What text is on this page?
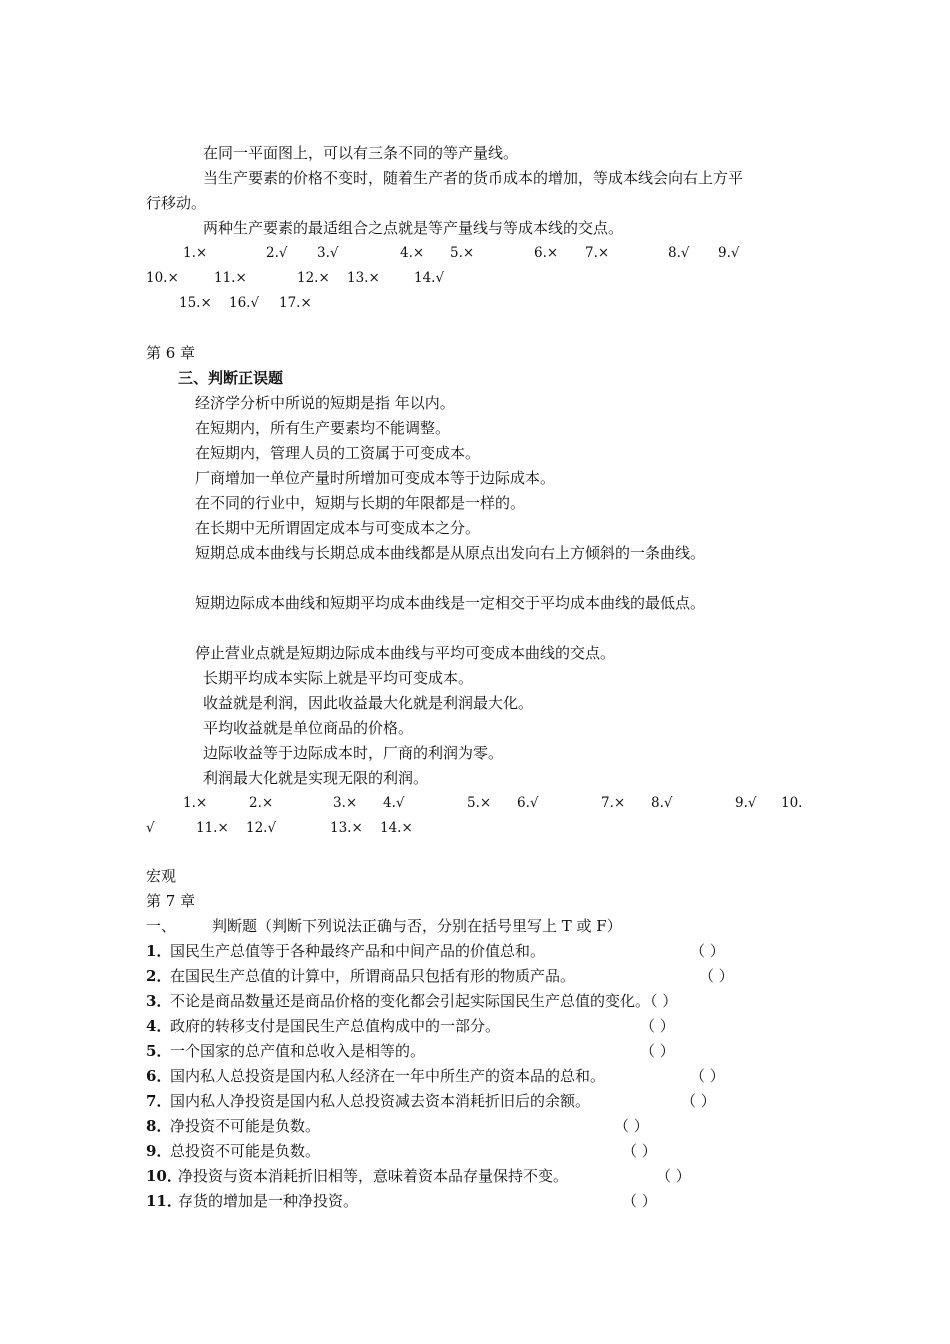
在同一平面图上，可以有三条不同的等产量线。
当生产要素的价格不变时，随着生产者的货币成本的增加，等成本线会向右上方平
行移动。
两种生产要素的最适组合之点就是等产量线与等成本线的交点。
1.×	2.√ 3.√	4.× 5.×	6.× 7.×	8.√ 9.√
10.×	11.×	12.× 13.×	14.√
15.× 16.√ 17.×
第 6 章
三、判断正误题
经济学分析中所说的短期是指 年以内。
在短期内，所有生产要素均不能调整。
在短期内，管理人员的工资属于可变成本。
厂商增加一单位产量时所增加可变成本等于边际成本。
在不同的行业中，短期与长期的年限都是一样的。
在长期中无所谓固定成本与可变成本之分。
短期总成本曲线与长期总成本曲线都是从原点出发向右上方倾斜的一条曲线。
短期边际成本曲线和短期平均成本曲线是一定相交于平均成本曲线的最低点。
停止营业点就是短期边际成本曲线与平均可变成本曲线的交点。
长期平均成本实际上就是平均可变成本。
收益就是利润，因此收益最大化就是利润最大化。
平均收益就是单位商品的价格。
边际收益等于边际成本时，厂商的利润为零。
利润最大化就是实现无限的利润。
1.×	2.×	3.× 4.√	5.× 6.√	7.× 8.√	9.√ 10.
√	11.× 12.√	13.× 14.×
宏观
第 7 章
一、 判断题（判断下列说法正确与否，分别在括号里写上 T 或 F）
1．
国民生产总值等于各种最终产品和中间产品的价值总和。	（ ）
2．
在国民生产总值的计算中，所谓商品只包括有形的物质产品。	（ ）
3．
不论是商品数量还是商品价格的变化都会引起实际国民生产总值的变化。（ ）
4．
政府的转移支付是国民生产总值构成中的一部分。	（ ）
5．
一个国家的总产值和总收入是相等的。	（ ）
6．
国内私人总投资是国内私人经济在一年中所生产的资本品的总和。	（ ）
7．
国内私人净投资是国内私人总投资减去资本消耗折旧后的余额。	（ ）
8．
净投资不可能是负数。	（ ）
9．
总投资不可能是负数。	（ ）
10．
净投资与资本消耗折旧相等，意味着资本品存量保持不变。	（ ）
11．
存货的增加是一种净投资。	（ ）
